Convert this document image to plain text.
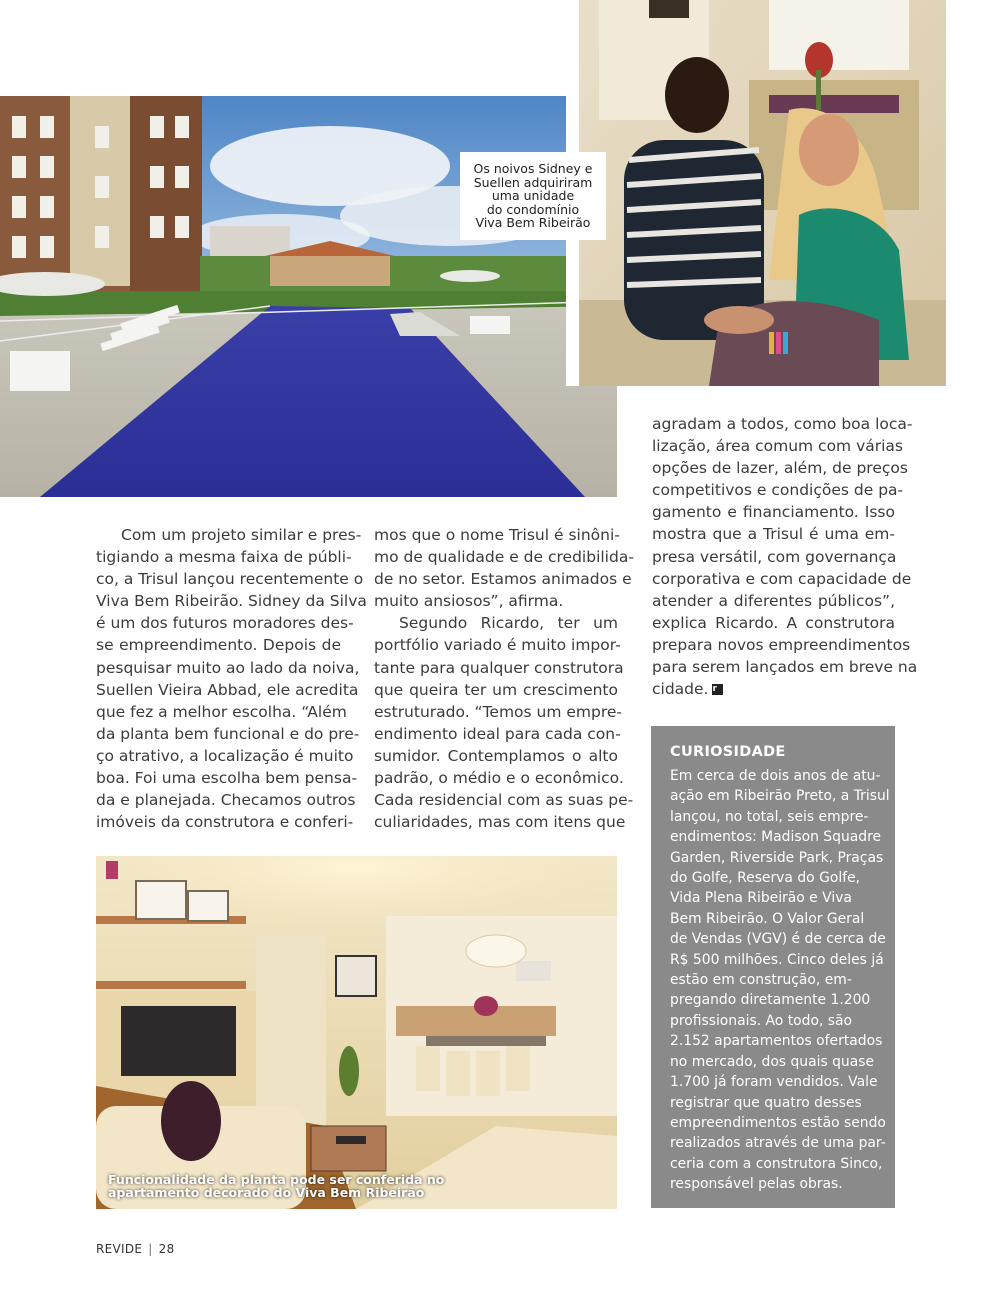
Os noivos Sidney e
Suellen adquiriram
uma unidade
do condomínio
Viva Bem Ribeirão
Com um projeto similar e pres-
tigiando a mesma faixa de públi-
co, a Trisul lançou recentemente o
Viva Bem Ribeirão. Sidney da Silva
é um dos futuros moradores des-
se empreendimento. Depois de
pesquisar muito ao lado da noiva,
Suellen Vieira Abbad, ele acredita
que fez a melhor escolha. “Além
da planta bem funcional e do pre-
ço atrativo, a localização é muito
boa. Foi uma escolha bem pensa-
da e planejada. Checamos outros
imóveis da construtora e conferi-
mos que o nome Trisul é sinôni-
mo de qualidade e de credibilida-
de no setor. Estamos animados e
muito ansiosos”, afirma.
Segundo Ricardo, ter um
portfólio variado é muito impor-
tante para qualquer construtora
que queira ter um crescimento
estruturado. “Temos um empre-
endimento ideal para cada con-
sumidor. Contemplamos o alto
padrão, o médio e o econômico.
Cada residencial com as suas pe-
culiaridades, mas com itens que
agradam a todos, como boa loca-
lização, área comum com várias
opções de lazer, além, de preços
competitivos e condições de pa-
gamento e financiamento. Isso
mostra que a Trisul é uma em-
presa versátil, com governança
corporativa e com capacidade de
atender a diferentes públicos”,
explica Ricardo. A construtora
prepara novos empreendimentos
para serem lançados em breve na
cidade. r
CURIOSIDADE
Em cerca de dois anos de atu-
ação em Ribeirão Preto, a Trisul
lançou, no total, seis empre-
endimentos: Madison Squadre
Garden, Riverside Park, Praças
do Golfe, Reserva do Golfe,
Vida Plena Ribeirão e Viva
Bem Ribeirão. O Valor Geral
de Vendas (VGV) é de cerca de
R$ 500 milhões. Cinco deles já
estão em construção, em-
pregando diretamente 1.200
profissionais. Ao todo, são
2.152 apartamentos ofertados
no mercado, dos quais quase
1.700 já foram vendidos. Vale
registrar que quatro desses
empreendimentos estão sendo
realizados através de uma par-
ceria com a construtora Sinco,
responsável pelas obras.
Funcionalidade da planta pode ser conferida no
apartamento decorado do Viva Bem Ribeirão
REVIDE | 28
